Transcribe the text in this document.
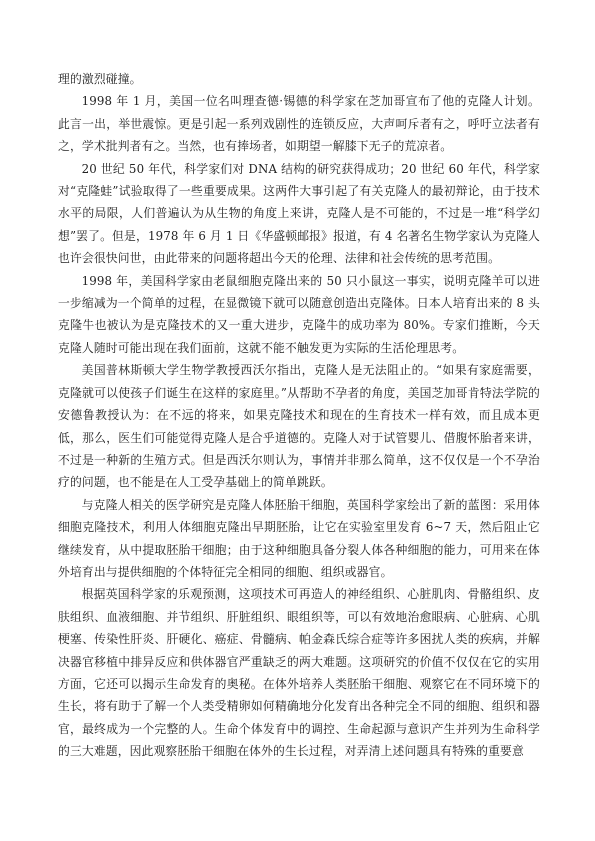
理的激烈碰撞。

1998 年 1 月，美国一位名叫理查德·锡德的科学家在芝加哥宣布了他的克隆人计划。此言一出，举世震惊。更是引起一系列戏剧性的连锁反应，大声呵斥者有之，呼吁立法者有之，学术批判者有之。当然，也有捧场者，如期望一解膝下无子的荒凉者。

20 世纪 50 年代，科学家们对 DNA 结构的研究获得成功；20 世纪 60 年代，科学家对“克隆蛙”试验取得了一些重要成果。这两件大事引起了有关克隆人的最初辩论，由于技术水平的局限，人们普遍认为从生物的角度上来讲，克隆人是不可能的，不过是一堆“科学幻想”罢了。但是，1978 年 6 月 1 日《华盛顿邮报》报道，有 4 名著名生物学家认为克隆人也许会很快问世，由此带来的问题将超出今天的伦理、法律和社会传统的思考范围。

1998 年，美国科学家由老鼠细胞克隆出来的 50 只小鼠这一事实，说明克隆羊可以进一步缩减为一个简单的过程，在显微镜下就可以随意创造出克隆体。日本人培育出来的 8 头克隆牛也被认为是克隆技术的又一重大进步，克隆牛的成功率为 80%。专家们推断，今天克隆人随时可能出现在我们面前，这就不能不触发更为实际的生活伦理思考。

美国普林斯顿大学生物学教授西沃尔指出，克隆人是无法阻止的。“如果有家庭需要，克隆就可以使孩子们诞生在这样的家庭里。”从帮助不孕者的角度，美国芝加哥肯特法学院的安德鲁教授认为：在不远的将来，如果克隆技术和现在的生育技术一样有效，而且成本更低，那么，医生们可能觉得克隆人是合乎道德的。克隆人对于试管婴儿、借腹怀胎者来讲，不过是一种新的生殖方式。但是西沃尔则认为，事情并非那么简单，这不仅仅是一个不孕治疗的问题，也不能是在人工受孕基础上的简单跳跃。

与克隆人相关的医学研究是克隆人体胚胎干细胞，英国科学家绘出了新的蓝图：采用体细胞克隆技术，利用人体细胞克隆出早期胚胎，让它在实验室里发育 6~7 天，然后阻止它继续发育，从中提取胚胎干细胞；由于这种细胞具备分裂人体各种细胞的能力，可用来在体外培育出与提供细胞的个体特征完全相同的细胞、组织或器官。

根据英国科学家的乐观预测，这项技术可再造人的神经组织、心脏肌肉、骨骼组织、皮肤组织、血液细胞、并节组织、肝脏组织、眼组织等，可以有效地治愈眼病、心脏病、心肌梗塞、传染性肝炎、肝硬化、癌症、骨髓病、帕金森氏综合症等许多困扰人类的疾病，并解决器官移植中排异反应和供体器官严重缺乏的两大难题。这项研究的价值不仅仅在它的实用方面，它还可以揭示生命发育的奥秘。在体外培养人类胚胎干细胞、观察它在不同环境下的生长，将有助于了解一个人类受精卵如何精确地分化发育出各种完全不同的细胞、组织和器官，最终成为一个完整的人。生命个体发育中的调控、生命起源与意识产生并列为生命科学的三大难题，因此观察胚胎干细胞在体外的生长过程，对弄清上述问题具有特殊的重要意
